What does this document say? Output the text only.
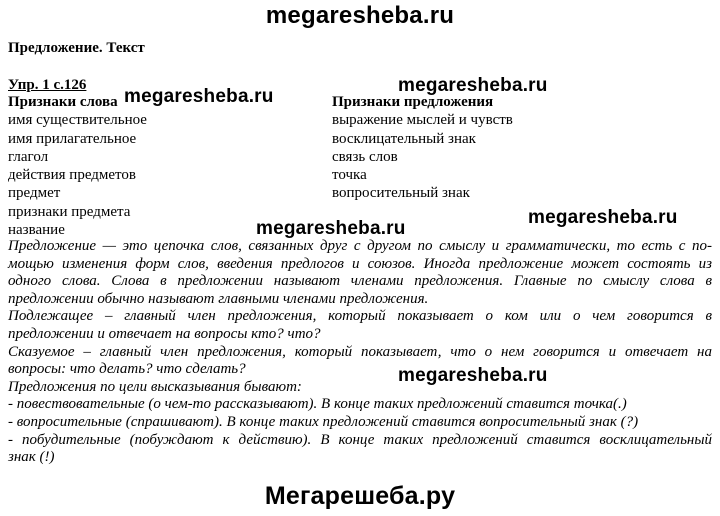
megaresheba.ru
Предложение. Текст
Упр. 1 с.126
Признаки слова
имя существительное
имя прилагательное
глагол
действия предметов
предмет
признаки предмета
название
Признаки предложения
выражение мыслей и чувств
восклицательный знак
связь слов
точка
вопросительный знак
Предложение — это цепочка слов, связанных друг с другом по смыслу и грамматически, то есть с по-
мощью изменения форм слов, введения предлогов и союзов. Иногда предложение может состоять из
одного слова. Слова в предложении называют членами предложения. Главные по смыслу слова в
предложении обычно называют главными членами предложения.
Подлежащее – главный член предложения, который показывает о ком или о чем говорится в
предложении и отвечает на вопросы кто? что?
Сказуемое – главный член предложения, который показывает, что о нем говорится и отвечает на
вопросы: что делать? что сделать?
Предложения по цели высказывания бывают:
- повествовательные (о чем-то рассказывают). В конце таких предложений ставится точка(.)
- вопросительные (спрашивают). В конце таких предложений ставится вопросительный знак (?)
- побудительные (побуждают к действию). В конце таких предложений ставится восклицательный
знак (!)
megaresheba.ru
megaresheba.ru
megaresheba.ru
megaresheba.ru
megaresheba.ru
Мегарешеба.ру
